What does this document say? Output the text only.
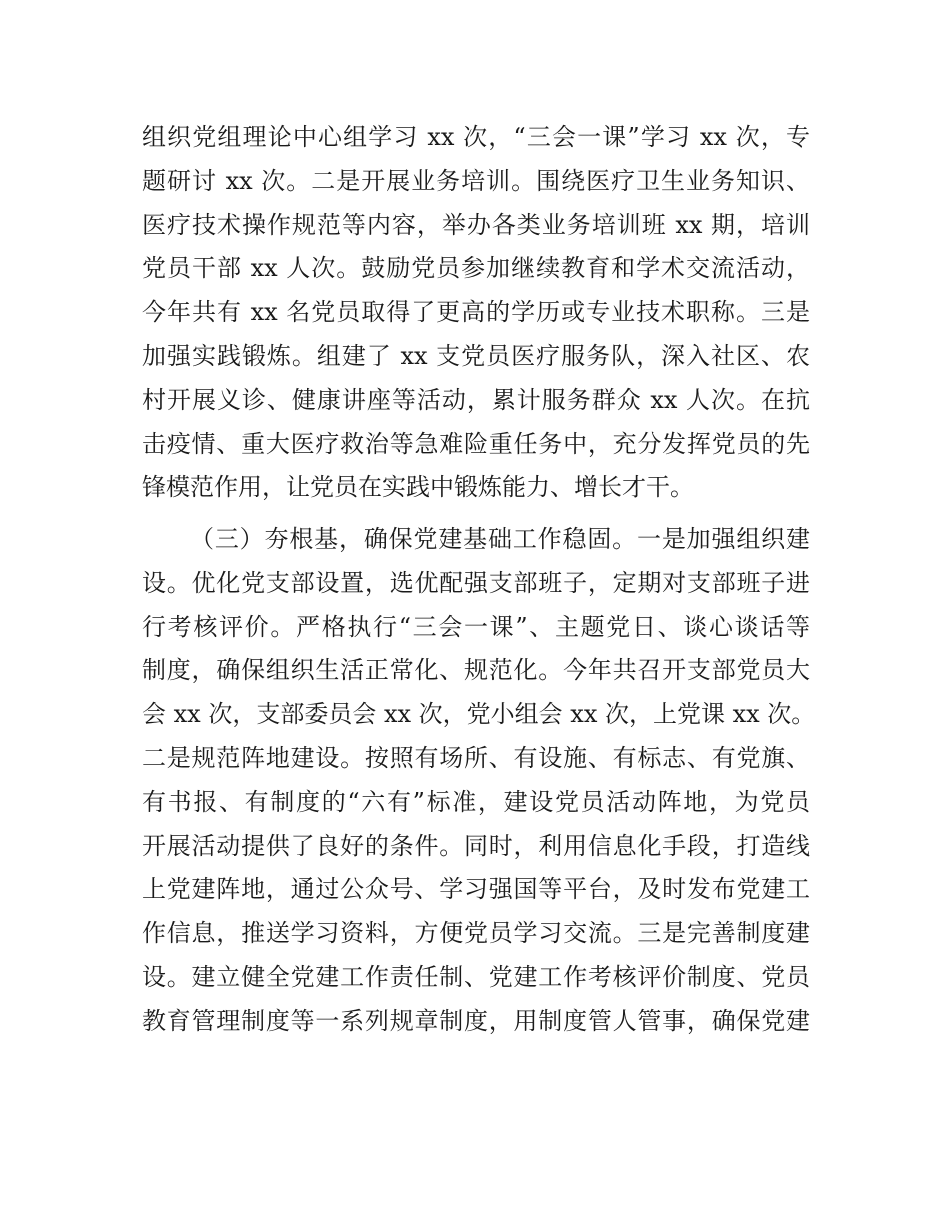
组织党组理论中心组学习 xx 次，“三会一课”学习 xx 次，专
题研讨 xx 次。二是开展业务培训。围绕医疗卫生业务知识、
医疗技术操作规范等内容，举办各类业务培训班 xx 期，培训
党员干部 xx 人次。鼓励党员参加继续教育和学术交流活动，
今年共有 xx 名党员取得了更高的学历或专业技术职称。三是
加强实践锻炼。组建了 xx 支党员医疗服务队，深入社区、农
村开展义诊、健康讲座等活动，累计服务群众 xx 人次。在抗
击疫情、重大医疗救治等急难险重任务中，充分发挥党员的先
锋模范作用，让党员在实践中锻炼能力、增长才干。
（三）夯根基，确保党建基础工作稳固。一是加强组织建
设。优化党支部设置，选优配强支部班子，定期对支部班子进
行考核评价。严格执行“三会一课”、主题党日、谈心谈话等
制度，确保组织生活正常化、规范化。今年共召开支部党员大
会 xx 次，支部委员会 xx 次，党小组会 xx 次，上党课 xx 次。
二是规范阵地建设。按照有场所、有设施、有标志、有党旗、
有书报、有制度的“六有”标准，建设党员活动阵地，为党员
开展活动提供了良好的条件。同时，利用信息化手段，打造线
上党建阵地，通过公众号、学习强国等平台，及时发布党建工
作信息，推送学习资料，方便党员学习交流。三是完善制度建
设。建立健全党建工作责任制、党建工作考核评价制度、党员
教育管理制度等一系列规章制度，用制度管人管事，确保党建
